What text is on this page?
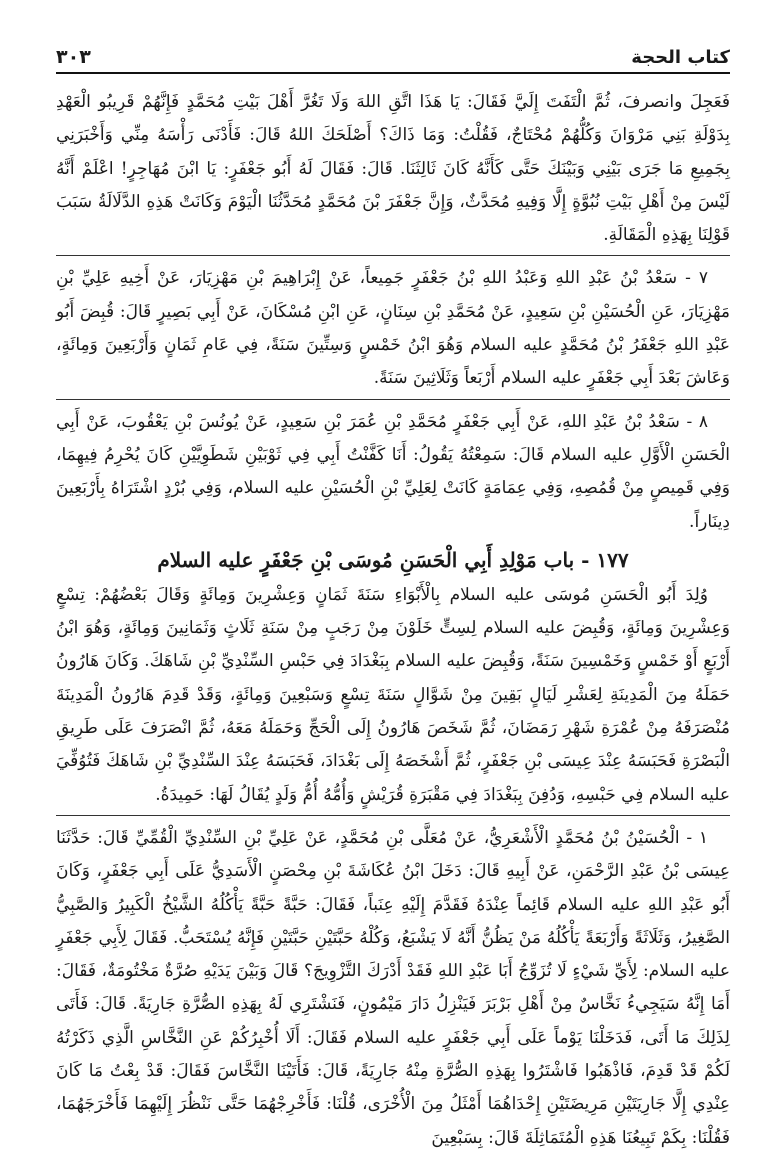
كتاب الحجة
٣٠٣

فَعَجِلَ وانصرفَ، ثُمَّ الْتَفَتَ إِلَيَّ فَقَالَ: يَا هَذَا اتَّقِ اللهَ وَلَا تَغُرَّ أَهْلَ بَيْتِ مُحَمَّدٍ فَإِنَّهُمْ قَرِيبُو الْعَهْدِ بِدَوْلَةِ بَنِي مَرْوَانَ وَكُلُّهُمْ مُحْتَاجٌ، فَقُلْتُ: وَمَا ذَاكَ؟ أَصْلَحَكَ اللهُ قَالَ: فَأَدْنَى رَأْسَهُ مِنِّي وَأَخْبَرَنِي بِجَمِيعِ مَا جَرَى بَيْنِي وَبَيْنَكَ حَتَّى كَأَنَّهُ كَانَ ثَالِثَنَا. قَالَ: فَقَالَ لَهُ أَبُو جَعْفَرٍ: يَا ابْنَ مُهَاجِرٍ! اعْلَمْ أَنَّهُ لَيْسَ مِنْ أَهْلِ بَيْتِ نُبُوَّةٍ إِلَّا وَفِيهِ مُحَدَّثٌ، وَإِنَّ جَعْفَرَ بْنَ مُحَمَّدٍ مُحَدَّثُنَا الْيَوْمَ وَكَانَتْ هَذِهِ الدَّلَالَةُ سَبَبَ قَوْلِنَا بِهَذِهِ الْمَقَالَةِ.

٧ - سَعْدُ بْنُ عَبْدِ اللهِ وَعَبْدُ اللهِ بْنُ جَعْفَرٍ جَمِيعاً، عَنْ إِبْرَاهِيمَ بْنِ مَهْزِيَارَ، عَنْ أَخِيهِ عَلِيِّ بْنِ مَهْزِيَارَ، عَنِ الْحُسَيْنِ بْنِ سَعِيدٍ، عَنْ مُحَمَّدِ بْنِ سِنَانٍ، عَنِ ابْنِ مُسْكَانَ، عَنْ أَبِي بَصِيرٍ قَالَ: قُبِضَ أَبُو عَبْدِ اللهِ جَعْفَرُ بْنُ مُحَمَّدٍ عليه السلام وَهُوَ ابْنُ خَمْسٍ وَسِتِّينَ سَنَةً، فِي عَامِ ثَمَانٍ وَأَرْبَعِينَ وَمِائَةٍ، وَعَاشَ بَعْدَ أَبِي جَعْفَرٍ عليه السلام أَرْبَعاً وَثَلَاثِينَ سَنَةً.

٨ - سَعْدُ بْنُ عَبْدِ اللهِ، عَنْ أَبِي جَعْفَرٍ مُحَمَّدِ بْنِ عُمَرَ بْنِ سَعِيدٍ، عَنْ يُونُسَ بْنِ يَعْقُوبَ، عَنْ أَبِي الْحَسَنِ الْأَوَّلِ عليه السلام قَالَ: سَمِعْتُهُ يَقُولُ: أَنَا كَفَّنْتُ أَبِي فِي ثَوْبَيْنِ شَطَوِيَّيْنِ كَانَ يُحْرِمُ فِيهِمَا، وَفِي قَمِيصٍ مِنْ قُمُصِهِ، وَفِي عِمَامَةٍ كَانَتْ لِعَلِيِّ بْنِ الْحُسَيْنِ عليه السلام، وَفِي بُرْدٍ اشْتَرَاهُ بِأَرْبَعِينَ دِينَاراً.

١٧٧ - باب مَوْلِدِ أَبِي الْحَسَنِ مُوسَى بْنِ جَعْفَرٍ عليه السلام

وُلِدَ أَبُو الْحَسَنِ مُوسَى عليه السلام بِالْأَبْوَاءِ سَنَةَ ثَمَانٍ وَعِشْرِينَ وَمِائَةٍ وَقَالَ بَعْضُهُمْ: تِسْعٍ وَعِشْرِينَ وَمِائَةٍ، وَقُبِضَ عليه السلام لِسِتٍّ خَلَوْنَ مِنْ رَجَبٍ مِنْ سَنَةِ ثَلَاثٍ وَثَمَانِينَ وَمِائَةٍ، وَهُوَ ابْنُ أَرْبَعٍ أَوْ خَمْسٍ وَخَمْسِينَ سَنَةً، وَقُبِضَ عليه السلام بِبَغْدَادَ فِي حَبْسِ السِّنْدِيِّ بْنِ شَاهَكَ. وَكَانَ هَارُونُ حَمَلَهُ مِنَ الْمَدِينَةِ لِعَشْرِ لَيَالٍ بَقِينَ مِنْ شَوَّالٍ سَنَةَ تِسْعٍ وَسَبْعِينَ وَمِائَةٍ، وَقَدْ قَدِمَ هَارُونُ الْمَدِينَةَ مُنْصَرَفَهُ مِنْ عُمْرَةِ شَهْرِ رَمَضَانَ، ثُمَّ شَخَصَ هَارُونُ إِلَى الْحَجِّ وَحَمَلَهُ مَعَهُ، ثُمَّ انْصَرَفَ عَلَى طَرِيقِ الْبَصْرَةِ فَحَبَسَهُ عِنْدَ عِيسَى بْنِ جَعْفَرٍ، ثُمَّ أَشْخَصَهُ إِلَى بَغْدَادَ، فَحَبَسَهُ عِنْدَ السِّنْدِيِّ بْنِ شَاهَكَ فَتُوُفِّيَ عليه السلام فِي حَبْسِهِ، وَدُفِنَ بِبَغْدَادَ فِي مَقْبَرَةِ قُرَيْشٍ وَأُمُّهُ أُمُّ وَلَدٍ يُقَالُ لَهَا: حَمِيدَةُ.

١ - الْحُسَيْنُ بْنُ مُحَمَّدٍ الْأَشْعَرِيُّ، عَنْ مُعَلَّى بْنِ مُحَمَّدٍ، عَنْ عَلِيِّ بْنِ السِّنْدِيِّ الْقُمِّيِّ قَالَ: حَدَّثَنَا عِيسَى بْنُ عَبْدِ الرَّحْمَنِ، عَنْ أَبِيهِ قَالَ: دَخَلَ ابْنُ عُكَاشَةَ بْنِ مِحْصَنٍ الْأَسَدِيُّ عَلَى أَبِي جَعْفَرٍ، وَكَانَ أَبُو عَبْدِ اللهِ عليه السلام قَائِماً عِنْدَهُ فَقَدَّمَ إِلَيْهِ عِنَباً، فَقَالَ: حَبَّةً حَبَّةً يَأْكُلُهُ الشَّيْخُ الْكَبِيرُ وَالصَّبِيُّ الصَّغِيرُ، وَثَلَاثَةً وَأَرْبَعَةً يَأْكُلُهُ مَنْ يَظُنُّ أَنَّهُ لَا يَشْبَعُ، وَكُلْهُ حَبَّتَيْنِ حَبَّتَيْنِ فَإِنَّهُ يُسْتَحَبُّ. فَقَالَ لِأَبِي جَعْفَرٍ عليه السلام: لِأَيِّ شَيْءٍ لَا تُزَوِّجُ أَبَا عَبْدِ اللهِ فَقَدْ أَدْرَكَ التَّزْوِيجَ؟ قَالَ وَبَيْنَ يَدَيْهِ صُرَّةٌ مَخْتُومَةٌ، فَقَالَ: أَمَا إِنَّهُ سَيَجِيءُ نَخَّاسٌ مِنْ أَهْلِ بَرْبَرَ فَيَنْزِلُ دَارَ مَيْمُونٍ، فَنَشْتَرِي لَهُ بِهَذِهِ الصُّرَّةِ جَارِيَةً. قَالَ: فَأَتَى لِذَلِكَ مَا أَتَى، فَدَخَلْنَا يَوْماً عَلَى أَبِي جَعْفَرٍ عليه السلام فَقَالَ: أَلَا أُخْبِرُكُمْ عَنِ النَّخَّاسِ الَّذِي ذَكَرْتُهُ لَكُمْ قَدْ قَدِمَ، فَاذْهَبُوا فَاشْتَرُوا بِهَذِهِ الصُّرَّةِ مِنْهُ جَارِيَةً، قَالَ: فَأَتَيْنَا النَّخَّاسَ فَقَالَ: قَدْ بِعْتُ مَا كَانَ عِنْدِي إِلَّا جَارِيَتَيْنِ مَرِيضَتَيْنِ إِحْدَاهُمَا أَمْثَلُ مِنَ الْأُخْرَى، قُلْنَا: فَأَخْرِجْهُمَا حَتَّى نَنْظُرَ إِلَيْهِمَا فَأَخْرَجَهُمَا، فَقُلْنَا: بِكَمْ تَبِيعُنَا هَذِهِ الْمُتَمَاثِلَةَ قَالَ: بِسَبْعِينَ
